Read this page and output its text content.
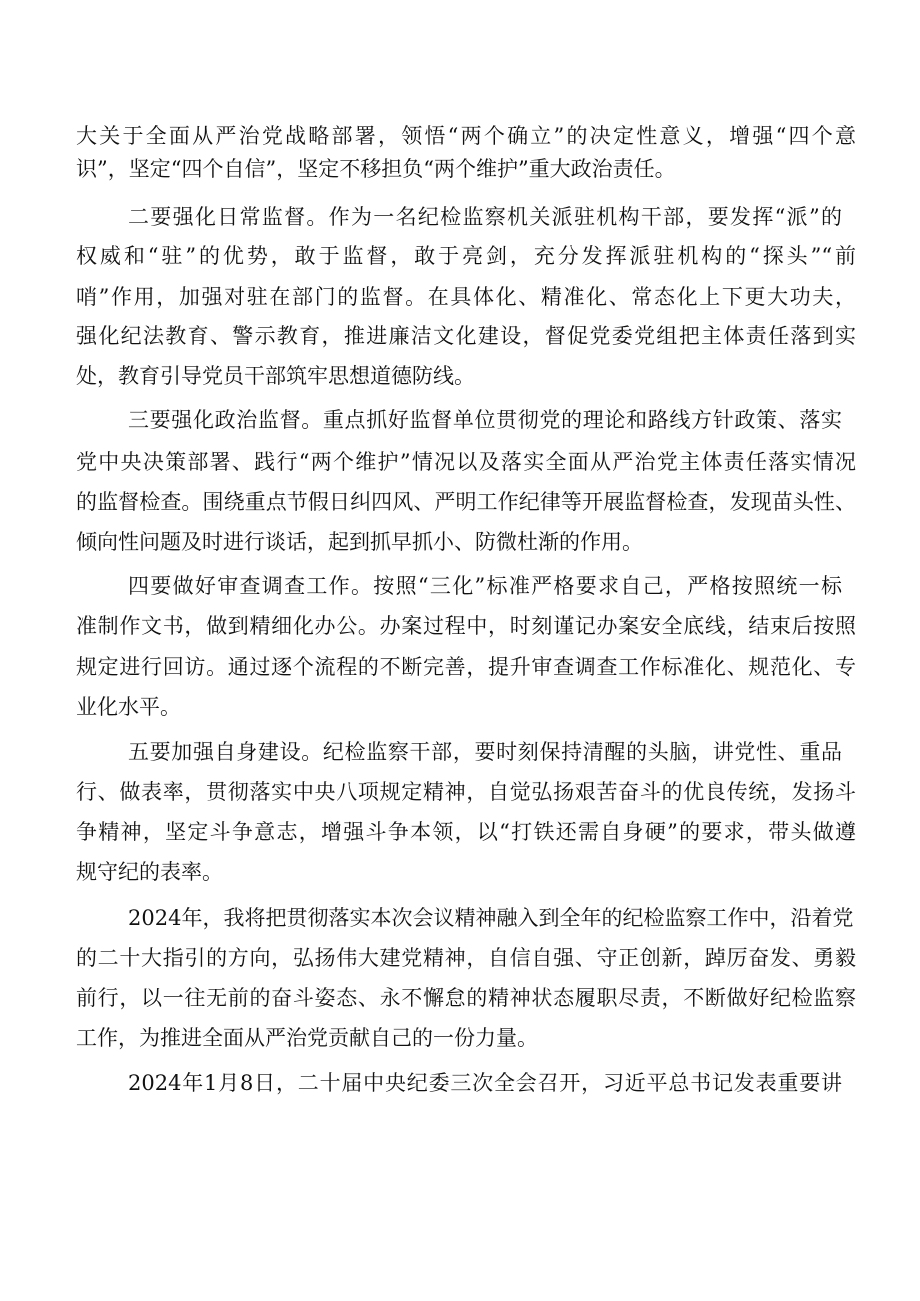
大关于全面从严治党战略部署，领悟“两个确立”的决定性意义，增强“四个意
识”，坚定“四个自信”，坚定不移担负“两个维护”重大政治责任。
二要强化日常监督。作为一名纪检监察机关派驻机构干部，要发挥“派”的
权威和“驻”的优势，敢于监督，敢于亮剑，充分发挥派驻机构的“探头”“前
哨”作用，加强对驻在部门的监督。在具体化、精准化、常态化上下更大功夫，
强化纪法教育、警示教育，推进廉洁文化建设，督促党委党组把主体责任落到实
处，教育引导党员干部筑牢思想道德防线。
三要强化政治监督。重点抓好监督单位贯彻党的理论和路线方针政策、落实
党中央决策部署、践行“两个维护”情况以及落实全面从严治党主体责任落实情况
的监督检查。围绕重点节假日纠四风、严明工作纪律等开展监督检查，发现苗头性、
倾向性问题及时进行谈话，起到抓早抓小、防微杜渐的作用。
四要做好审查调查工作。按照“三化”标准严格要求自己，严格按照统一标
准制作文书，做到精细化办公。办案过程中，时刻谨记办案安全底线，结束后按照
规定进行回访。通过逐个流程的不断完善，提升审查调查工作标准化、规范化、专
业化水平。
五要加强自身建设。纪检监察干部，要时刻保持清醒的头脑，讲党性、重品
行、做表率，贯彻落实中央八项规定精神，自觉弘扬艰苦奋斗的优良传统，发扬斗
争精神，坚定斗争意志，增强斗争本领，以“打铁还需自身硬”的要求，带头做遵
规守纪的表率。
2024年，我将把贯彻落实本次会议精神融入到全年的纪检监察工作中，沿着党
的二十大指引的方向，弘扬伟大建党精神，自信自强、守正创新，踔厉奋发、勇毅
前行，以一往无前的奋斗姿态、永不懈怠的精神状态履职尽责，不断做好纪检监察
工作，为推进全面从严治党贡献自己的一份力量。
2024年1月8日，二十届中央纪委三次全会召开，习近平总书记发表重要讲
